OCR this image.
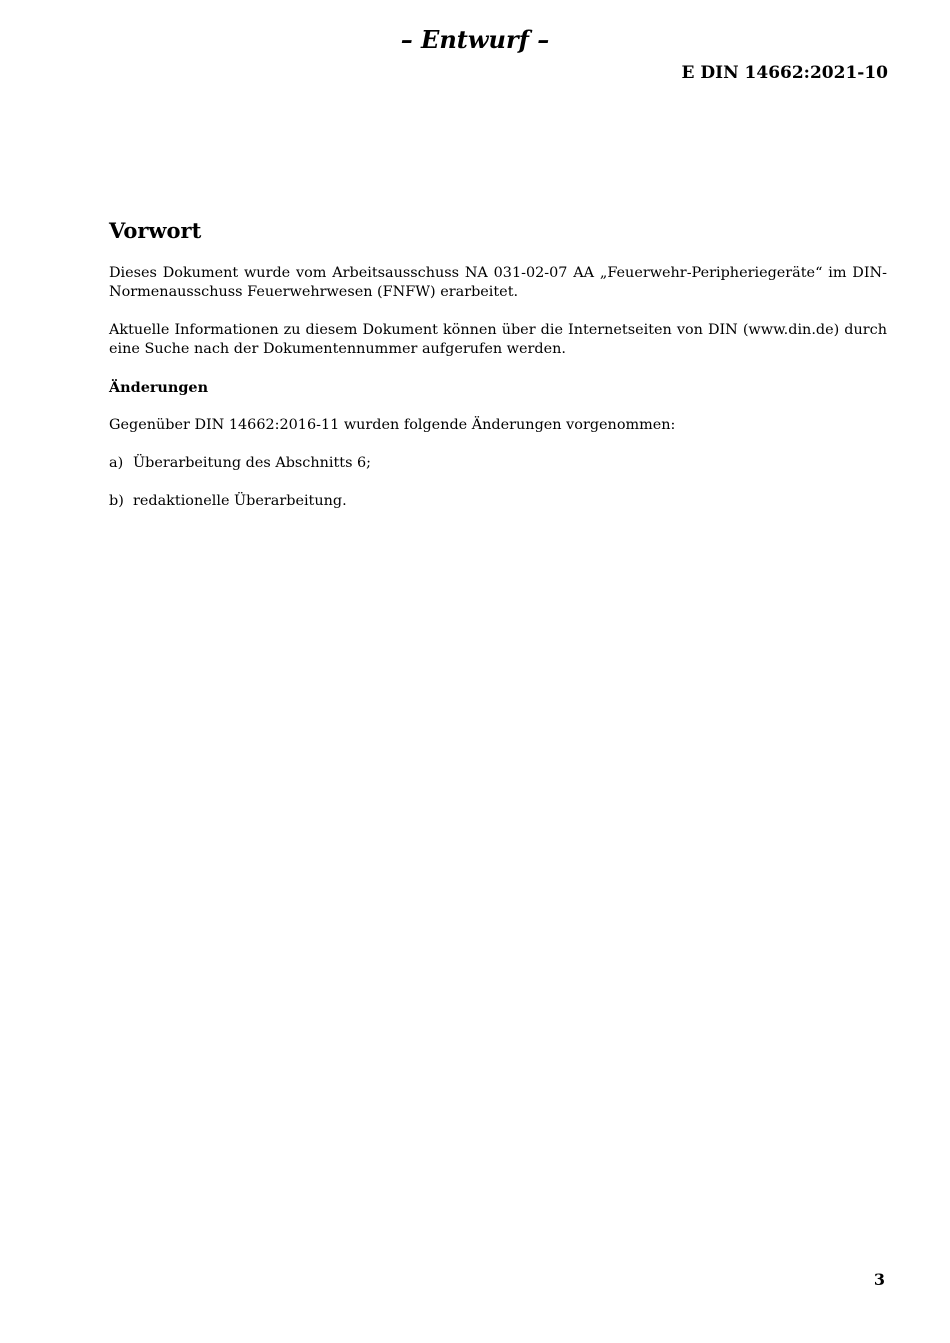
– Entwurf –

E DIN 14662:2021-10

Vorwort

Dieses Dokument wurde vom Arbeitsausschuss NA 031-02-07 AA „Feuerwehr-Peripheriegeräte“ im DIN-Normenausschuss Feuerwehrwesen (FNFW) erarbeitet.

Aktuelle Informationen zu diesem Dokument können über die Internetseiten von DIN (www.din.de) durch eine Suche nach der Dokumentennummer aufgerufen werden.

Änderungen

Gegenüber DIN 14662:2016-11 wurden folgende Änderungen vorgenommen:

a) Überarbeitung des Abschnitts 6;
b) redaktionelle Überarbeitung.

3
